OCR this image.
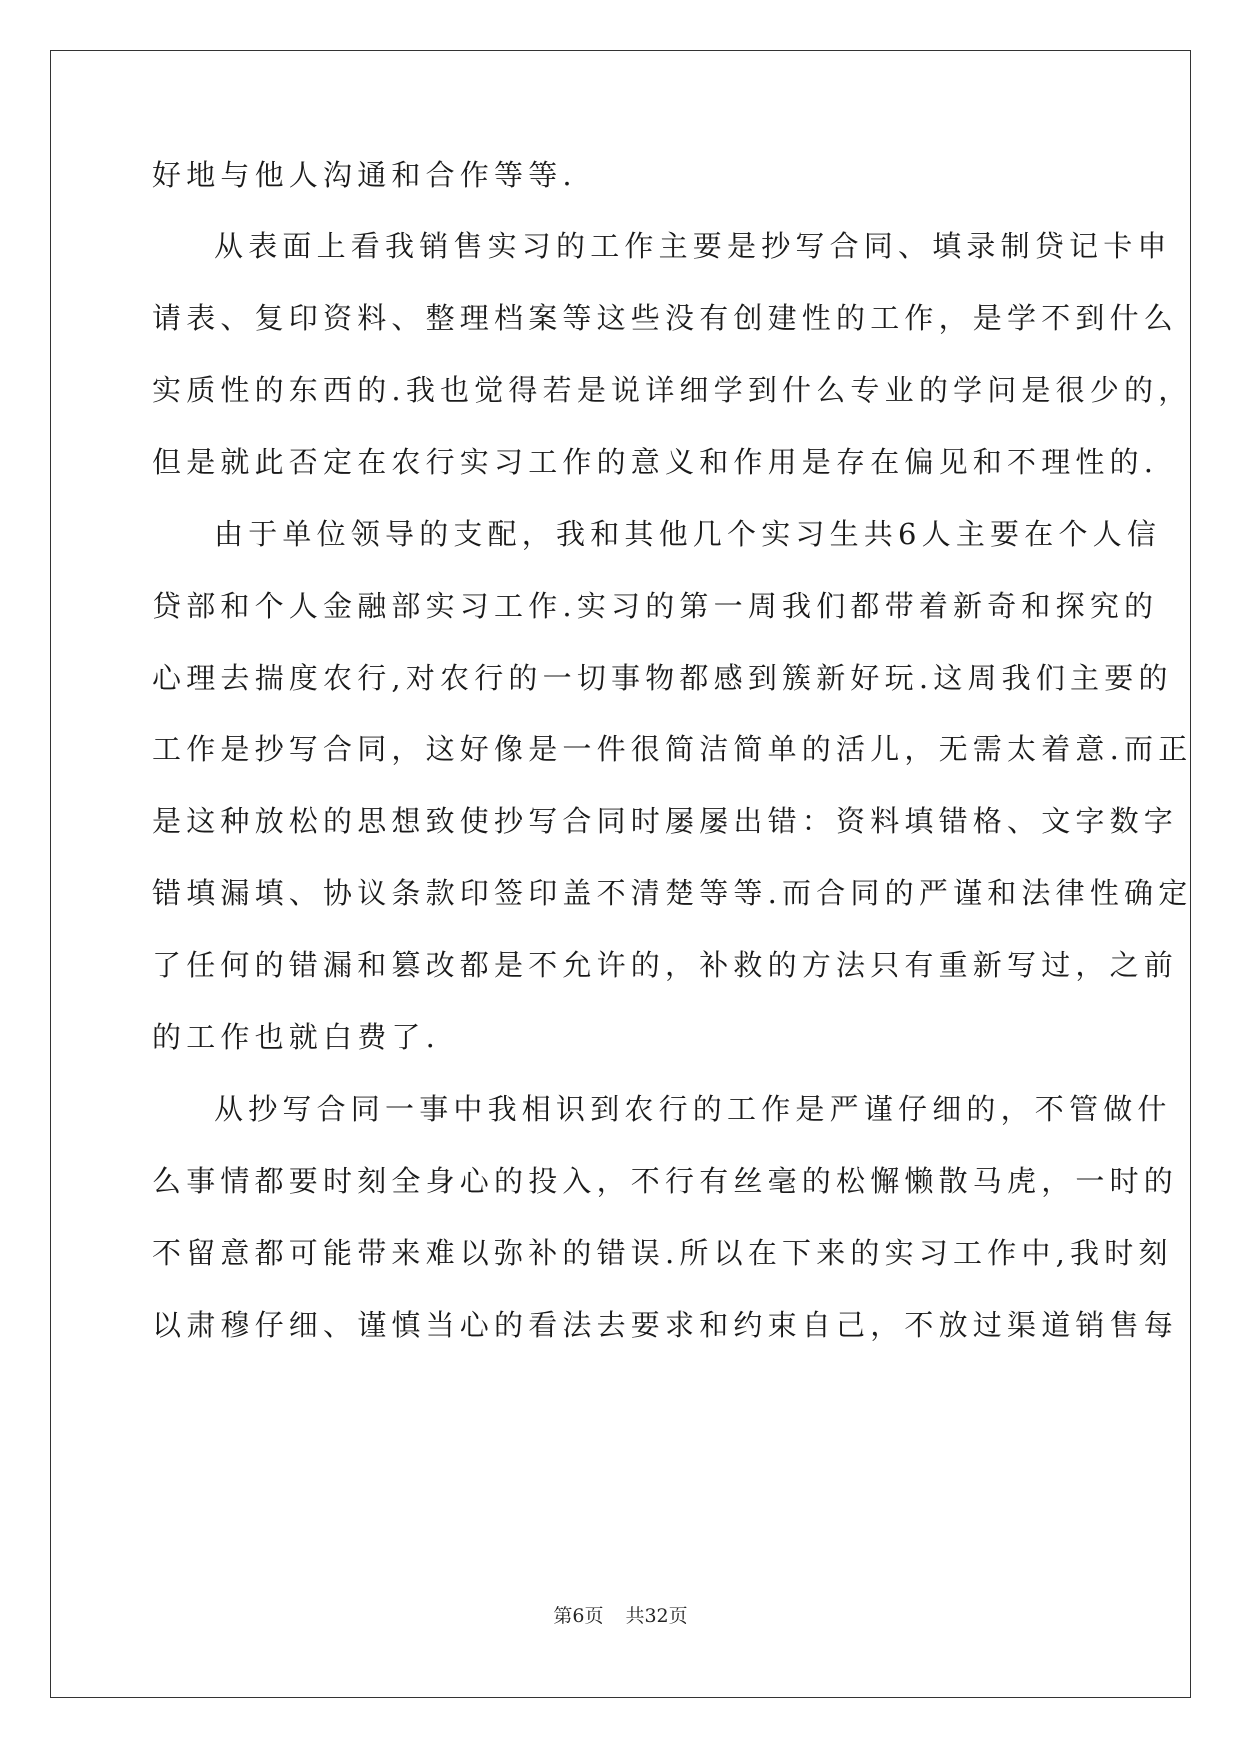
好地与他人沟通和合作等等.
从表面上看我销售实习的工作主要是抄写合同、填录制贷记卡申
请表、复印资料、整理档案等这些没有创建性的工作，是学不到什么
实质性的东西的.我也觉得若是说详细学到什么专业的学问是很少的，
但是就此否定在农行实习工作的意义和作用是存在偏见和不理性的.
由于单位领导的支配，我和其他几个实习生共6人主要在个人信
贷部和个人金融部实习工作.实习的第一周我们都带着新奇和探究的
心理去揣度农行,对农行的一切事物都感到簇新好玩.这周我们主要的
工作是抄写合同，这好像是一件很简洁简单的活儿，无需太着意.而正
是这种放松的思想致使抄写合同时屡屡出错：资料填错格、文字数字
错填漏填、协议条款印签印盖不清楚等等.而合同的严谨和法律性确定
了任何的错漏和篡改都是不允许的，补救的方法只有重新写过，之前
的工作也就白费了.
从抄写合同一事中我相识到农行的工作是严谨仔细的，不管做什
么事情都要时刻全身心的投入，不行有丝毫的松懈懒散马虎，一时的
不留意都可能带来难以弥补的错误.所以在下来的实习工作中,我时刻
以肃穆仔细、谨慎当心的看法去要求和约束自己，不放过渠道销售每
第6页 共32页
